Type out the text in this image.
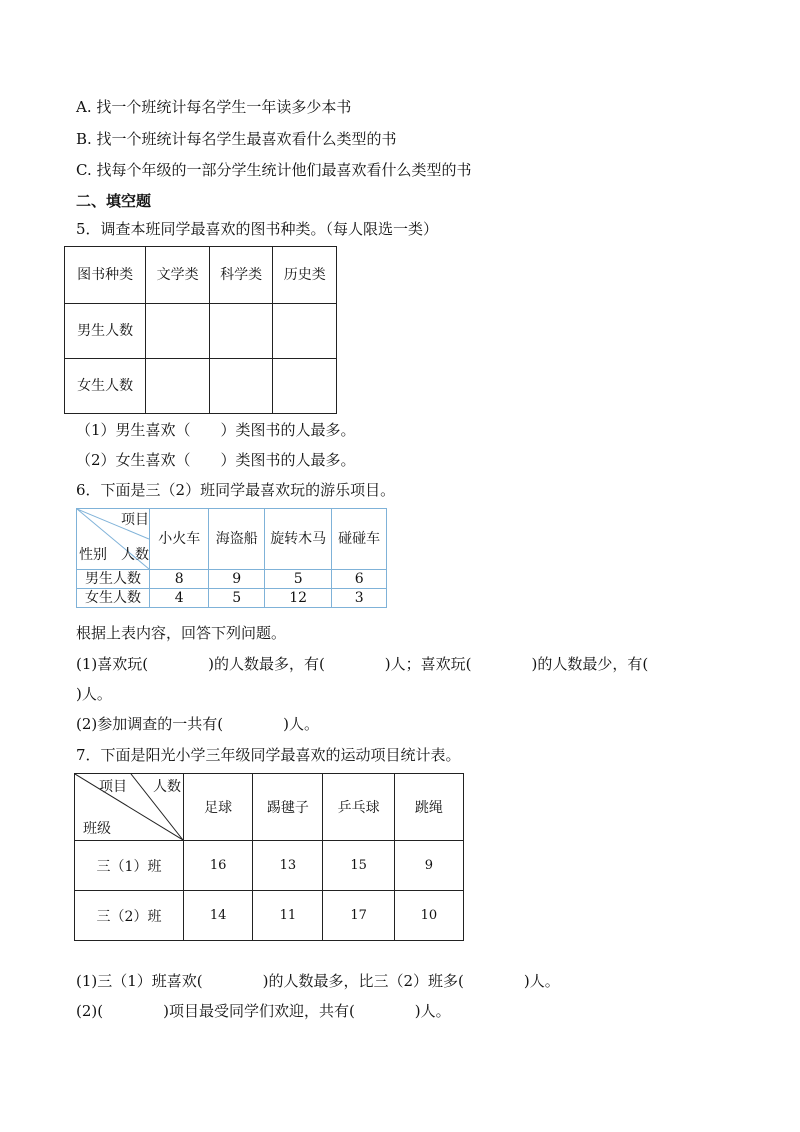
A. 找一个班统计每名学生一年读多少本书
B. 找一个班统计每名学生最喜欢看什么类型的书
C. 找每个年级的一部分学生统计他们最喜欢看什么类型的书
二、填空题
5．调查本班同学最喜欢的图书种类。（每人限选一类）
图书种类	文学类	科学类	历史类
男生人数			
女生人数			
（1）男生喜欢（　　）类图书的人最多。
（2）女生喜欢（　　）类图书的人最多。
6．下面是三（2）班同学最喜欢玩的游乐项目。
项目
人数
性别	小火车	海盗船	旋转木马	碰碰车
男生人数	8	9	5	6
女生人数	4	5	12	3
根据上表内容，回答下列问题。
(1)喜欢玩(　　　　)的人数最多，有(　　　　)人；喜欢玩(　　　　)的人数最少，有(
)人。
(2)参加调查的一共有(　　　　)人。
7．下面是阳光小学三年级同学最喜欢的运动项目统计表。
项目 人数
班级	足球	踢毽子	乒乓球	跳绳
三（1）班	16	13	15	9
三（2）班	14	11	17	10
(1)三（1）班喜欢(　　　　)的人数最多，比三（2）班多(　　　　)人。
(2)(　　　　)项目最受同学们欢迎，共有(　　　　)人。
